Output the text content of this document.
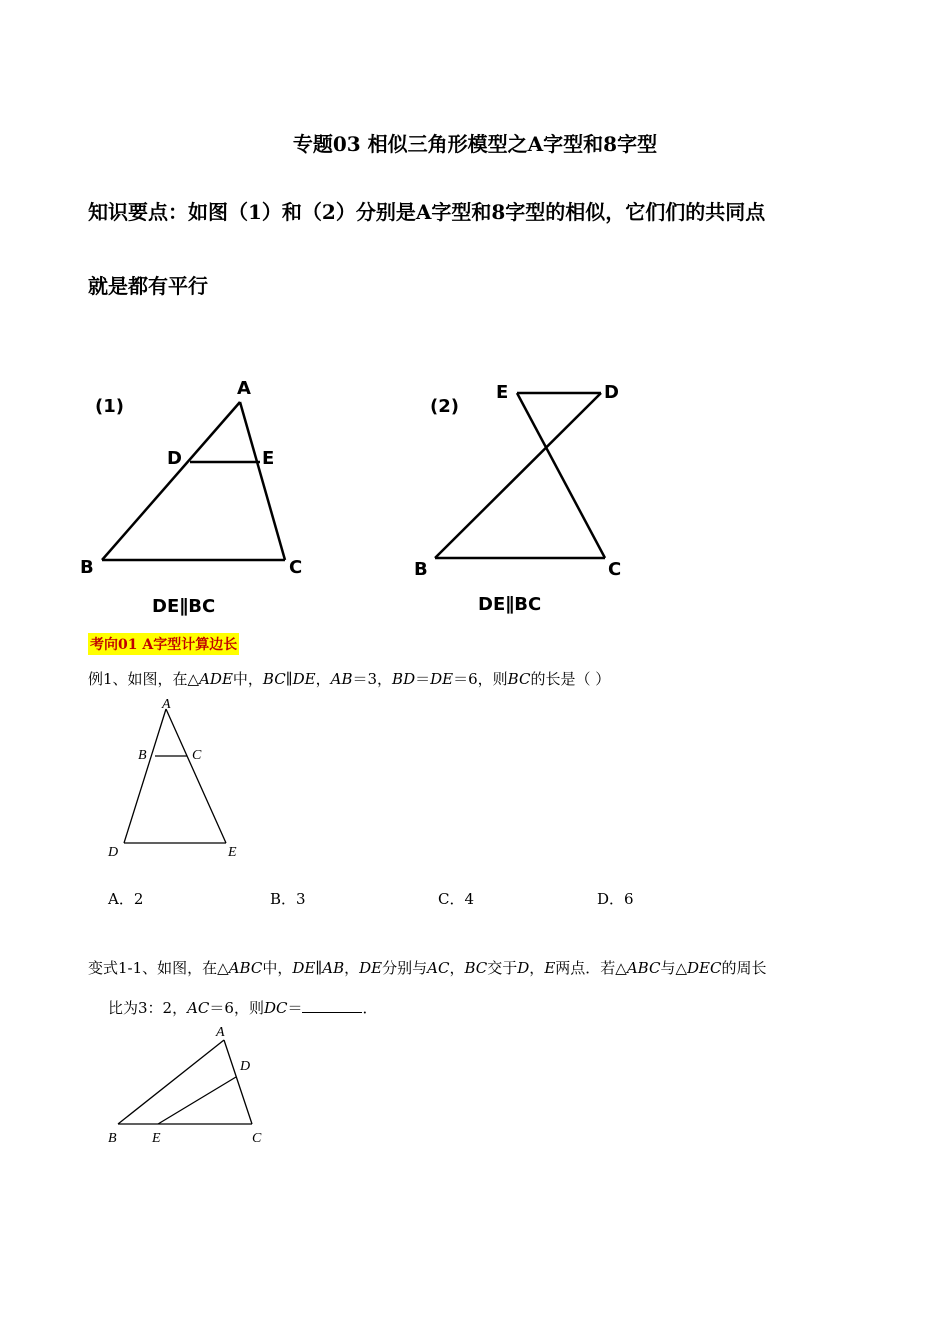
专题03 相似三角形模型之A字型和8字型
知识要点：如图（1）和（2）分别是A字型和8字型的相似，它们们的共同点
就是都有平行
(1)
A
D	E
B	C
DE∥BC
(2)
E	D
B	C
DE∥BC
考向01 A字型计算边长
例1、如图，在△ADE中，BC∥DE，AB＝3，BD＝DE＝6，则BC的长是（ ）
A
B	C
D	E
A．2	B．3	C．4	D．6
变式1-1、如图，在△ABC中，DE∥AB，DE分别与AC，BC交于D，E两点．若△ABC与△DEC的周长
比为3：2，AC＝6，则DC＝	．
A
D
B	E	C
